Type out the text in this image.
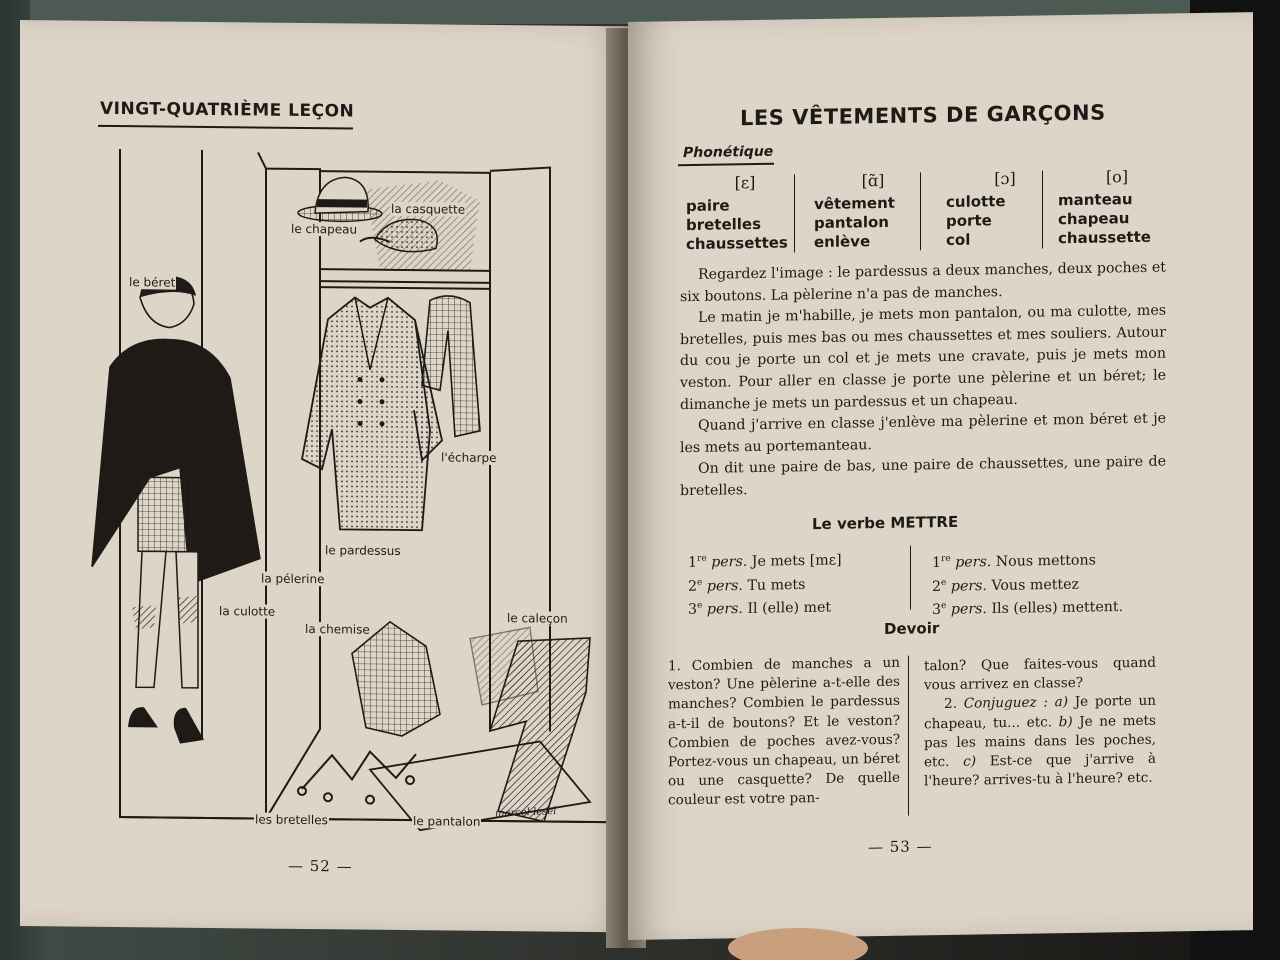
VINGT-QUATRIÈME LEÇON
la casquette
le chapeau
le béret
l'écharpe
le pardessus
la pélerine
la culotte
la chemise
le caleçon
les bretelles	le pantalon
marcel lesel
— 52 —
LES VÊTEMENTS DE GARÇONS
Phonétique
[ɛ]
paire
bretelles
chaussettes
[ɑ̃]
vêtement
pantalon
enlève
[ɔ]
culotte
porte
col
[o]
manteau
chapeau
chaussette

Regardez l'image : le pardessus a deux manches, deux poches et six boutons. La pèlerine n'a pas de manches.

Le matin je m'habille, je mets mon pantalon, ou ma culotte, mes bretelles, puis mes bas ou mes chaussettes et mes souliers. Autour du cou je porte un col et je mets une cravate, puis je mets mon veston. Pour aller en classe je porte une pèlerine et un béret; le dimanche je mets un pardessus et un chapeau.

Quand j'arrive en classe j'enlève ma pèlerine et mon béret et je les mets au portemanteau.

On dit une paire de bas, une paire de chaussettes, une paire de bretelles.

Le verbe METTRE
1re pers. Je mets [mɛ]
2e pers. Tu mets
3e pers. Il (elle) met
1re pers. Nous mettons
2e pers. Vous mettez
3e pers. Ils (elles) mettent.
Devoir
1. Combien de manches a un veston? Une pèlerine a-t-elle des manches? Combien le pardessus a-t-il de boutons? Et le veston? Combien de poches avez-vous? Portez-vous un chapeau, un béret ou une casquette? De quelle couleur est votre pan-
talon? Que faites-vous quand vous arrivez en classe?
2. Conjuguez : a) Je porte un chapeau, tu... etc. b) Je ne mets pas les mains dans les poches, etc. c) Est-ce que j'arrive à l'heure? arrives-tu à l'heure? etc.
— 53 —
